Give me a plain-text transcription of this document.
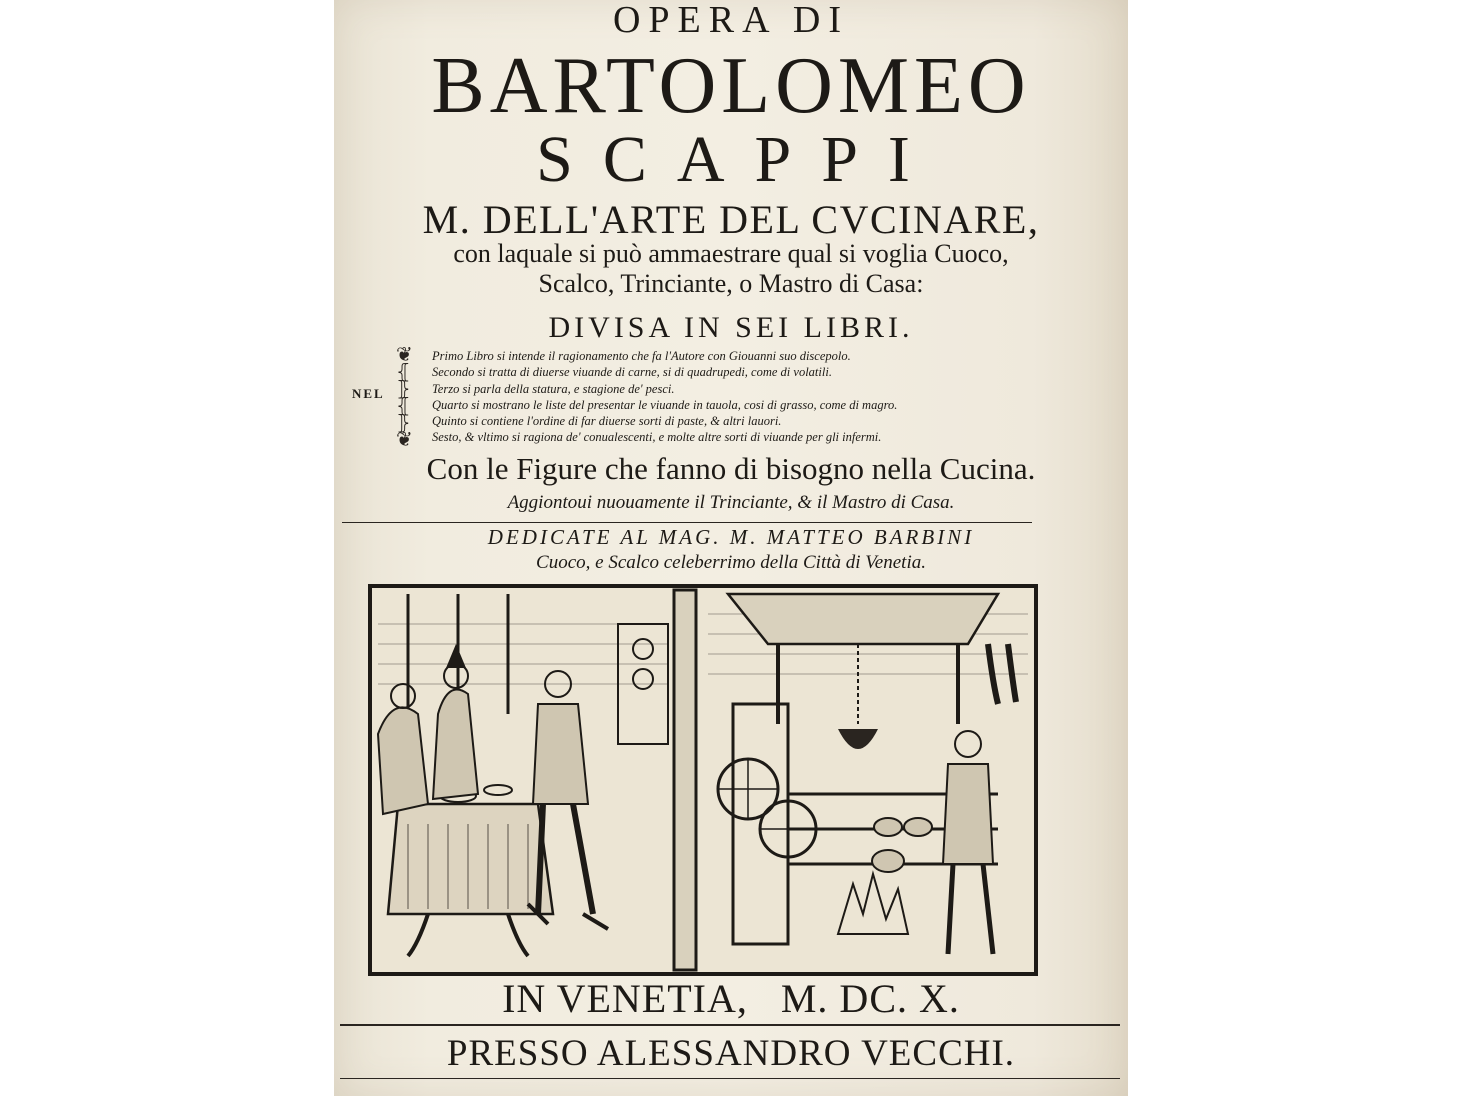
OPERA DI
BARTOLOMEO
SCAPPI
M. DELL'ARTE DEL CVCINARE,
con laquale si può ammaestrare qual si voglia Cuoco,
Scalco, Trinciante, o Mastro di Casa:
DIVISA IN SEI LIBRI.
NEL
❦
⦃
⦄
⦃
⦄
❦
Primo Libro si intende il ragionamento che fa l'Autore con Giouanni suo discepolo.
Secondo si tratta di diuerse viuande di carne, si di quadrupedi, come di volatili.
Terzo si parla della statura, e stagione de' pesci.
Quarto si mostrano le liste del presentar le viuande in tauola, cosi di grasso, come di magro.
Quinto si contiene l'ordine di far diuerse sorti di paste, & altri lauori.
Sesto, & vltimo si ragiona de' conualescenti, e molte altre sorti di viuande per gli infermi.
Con le Figure che fanno di bisogno nella Cucina.
Aggiontoui nuouamente il Trinciante, & il Mastro di Casa.
DEDICATE AL MAG. M. MATTEO BARBINI
Cuoco, e Scalco celeberrimo della Città di Venetia.
IN VENETIA,   M. DC. X.
PRESSO ALESSANDRO VECCHI.
